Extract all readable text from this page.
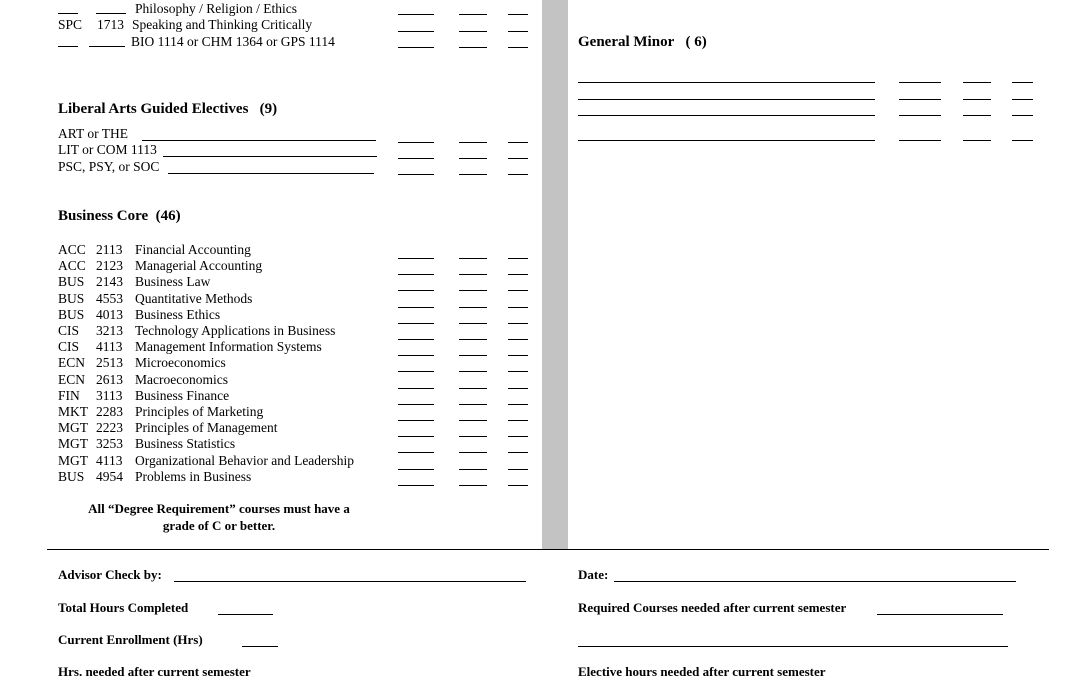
Philosophy / Religion / Ethics
SPC 1713 Speaking and Thinking Critically
BIO 1114 or CHM 1364 or GPS 1114
Liberal Arts Guided Electives (9)
ART or THE
LIT or COM 1113
PSC, PSY, or SOC
Business Core (46)
ACC 2113 Financial Accounting
ACC 2123 Managerial Accounting
BUS 2143 Business Law
BUS 4553 Quantitative Methods
BUS 4013 Business Ethics
CIS 3213 Technology Applications in Business
CIS 4113 Management Information Systems
ECN 2513 Microeconomics
ECN 2613 Macroeconomics
FIN 3113 Business Finance
MKT 2283 Principles of Marketing
MGT 2223 Principles of Management
MGT 3253 Business Statistics
MGT 4113 Organizational Behavior and Leadership
BUS 4954 Problems in Business
All “Degree Requirement” courses must have a
grade of C or better.
General Minor ( 6)
Advisor Check by:	Date:
Total Hours Completed	Required Courses needed after current semester
Current Enrollment (Hrs)
Hrs. needed after current semester	Elective hours needed after current semester
